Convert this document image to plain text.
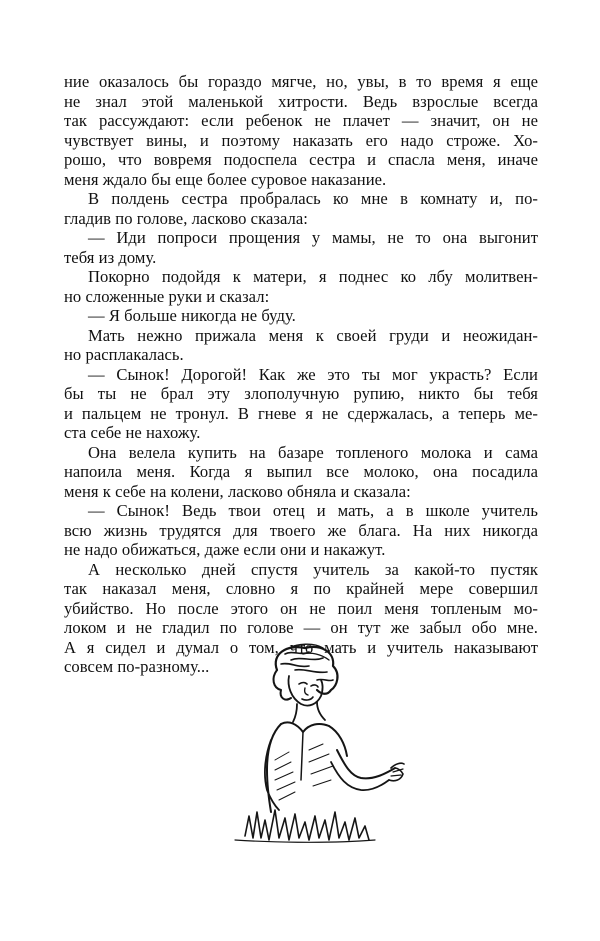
ние оказалось бы гораздо мягче, но, увы, в то время я еще
не знал этой маленькой хитрости. Ведь взрослые всегда
так рассуждают: если ребенок не плачет — значит, он не
чувствует вины, и поэтому наказать его надо строже. Хо-
рошо, что вовремя подоспела сестра и спасла меня, иначе
меня ждало бы еще более суровое наказание.
В полдень сестра пробралась ко мне в комнату и, по-
гладив по голове, ласково сказала:
— Иди попроси прощения у мамы, не то она выгонит
тебя из дому.
Покорно подойдя к матери, я поднес ко лбу молитвен-
но сложенные руки и сказал:
— Я больше никогда не буду.
Мать нежно прижала меня к своей груди и неожидан-
но расплакалась.
— Сынок! Дорогой! Как же это ты мог украсть? Если
бы ты не брал эту злополучную рупию, никто бы тебя
и пальцем не тронул. В гневе я не сдержалась, а теперь ме-
ста себе не нахожу.
Она велела купить на базаре топленого молока и сама
напоила меня. Когда я выпил все молоко, она посадила
меня к себе на колени, ласково обняла и сказала:
— Сынок! Ведь твои отец и мать, а в школе учитель
всю жизнь трудятся для твоего же блага. На них никогда
не надо обижаться, даже если они и накажут.
А несколько дней спустя учитель за какой-то пустяк
так наказал меня, словно я по крайней мере совершил
убийство. Но после этого он не поил меня топленым мо-
локом и не гладил по голове — он тут же забыл обо мне.
А я сидел и думал о том, что мать и учитель наказывают
совсем по-разному...
